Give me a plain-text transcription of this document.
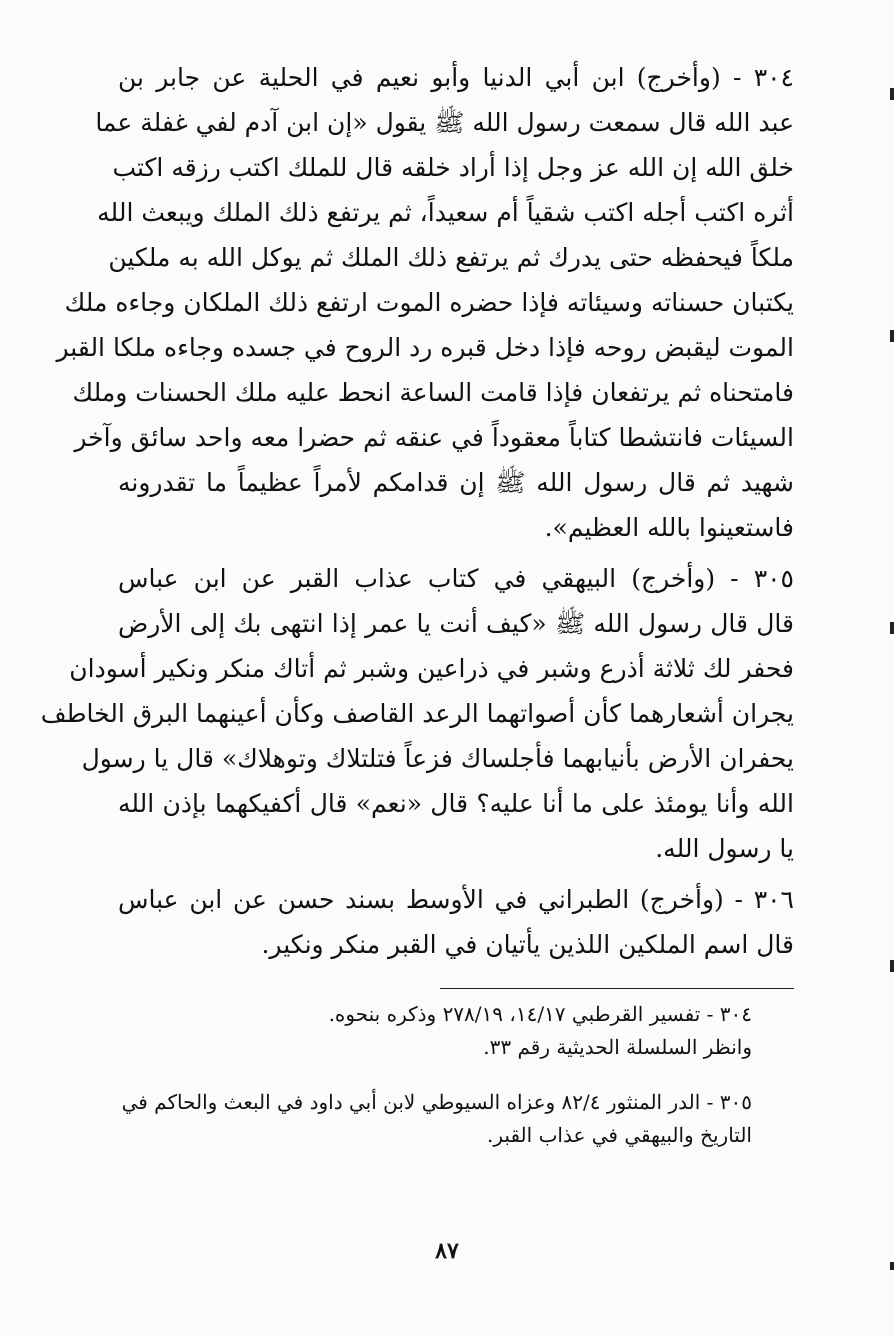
٣٠٤ - (وأخرج) ابن أبي الدنيا وأبو نعيم في الحلية عن جابر بن
عبد الله قال سمعت رسول الله ﷺ يقول «إن ابن آدم لفي غفلة عما
خلق الله إن الله عز وجل إذا أراد خلقه قال للملك اكتب رزقه اكتب
أثره اكتب أجله اكتب شقياً أم سعيداً، ثم يرتفع ذلك الملك ويبعث الله
ملكاً فيحفظه حتى يدرك ثم يرتفع ذلك الملك ثم يوكل الله به ملكين
يكتبان حسناته وسيئاته فإذا حضره الموت ارتفع ذلك الملكان وجاءه ملك
الموت ليقبض روحه فإذا دخل قبره رد الروح في جسده وجاءه ملكا القبر
فامتحناه ثم يرتفعان فإذا قامت الساعة انحط عليه ملك الحسنات وملك
السيئات فانتشطا كتاباً معقوداً في عنقه ثم حضرا معه واحد سائق وآخر
شهيد ثم قال رسول الله ﷺ إن قدامكم لأمراً عظيماً ما تقدرونه
فاستعينوا بالله العظيم».
٣٠٥ - (وأخرج) البيهقي في كتاب عذاب القبر عن ابن عباس
قال قال رسول الله ﷺ «كيف أنت يا عمر إذا انتهى بك إلى الأرض
فحفر لك ثلاثة أذرع وشبر في ذراعين وشبر ثم أتاك منكر ونكير أسودان
يجران أشعارهما كأن أصواتهما الرعد القاصف وكأن أعينهما البرق الخاطف
يحفران الأرض بأنيابهما فأجلساك فزعاً فتلتلاك وتوهلاك» قال يا رسول
الله وأنا يومئذ على ما أنا عليه؟ قال «نعم» قال أكفيكهما بإذن الله
يا رسول الله.
٣٠٦ - (وأخرج) الطبراني في الأوسط بسند حسن عن ابن عباس
قال اسم الملكين اللذين يأتيان في القبر منكر ونكير.
٣٠٤ - تفسير القرطبي ١٤/١٧، ٢٧٨/١٩ وذكره بنحوه.
وانظر السلسلة الحديثية رقم ٣٣.
٣٠٥ - الدر المنثور ٨٢/٤ وعزاه السيوطي لابن أبي داود في البعث والحاكم في
التاريخ والبيهقي في عذاب القبر.
٨٧
